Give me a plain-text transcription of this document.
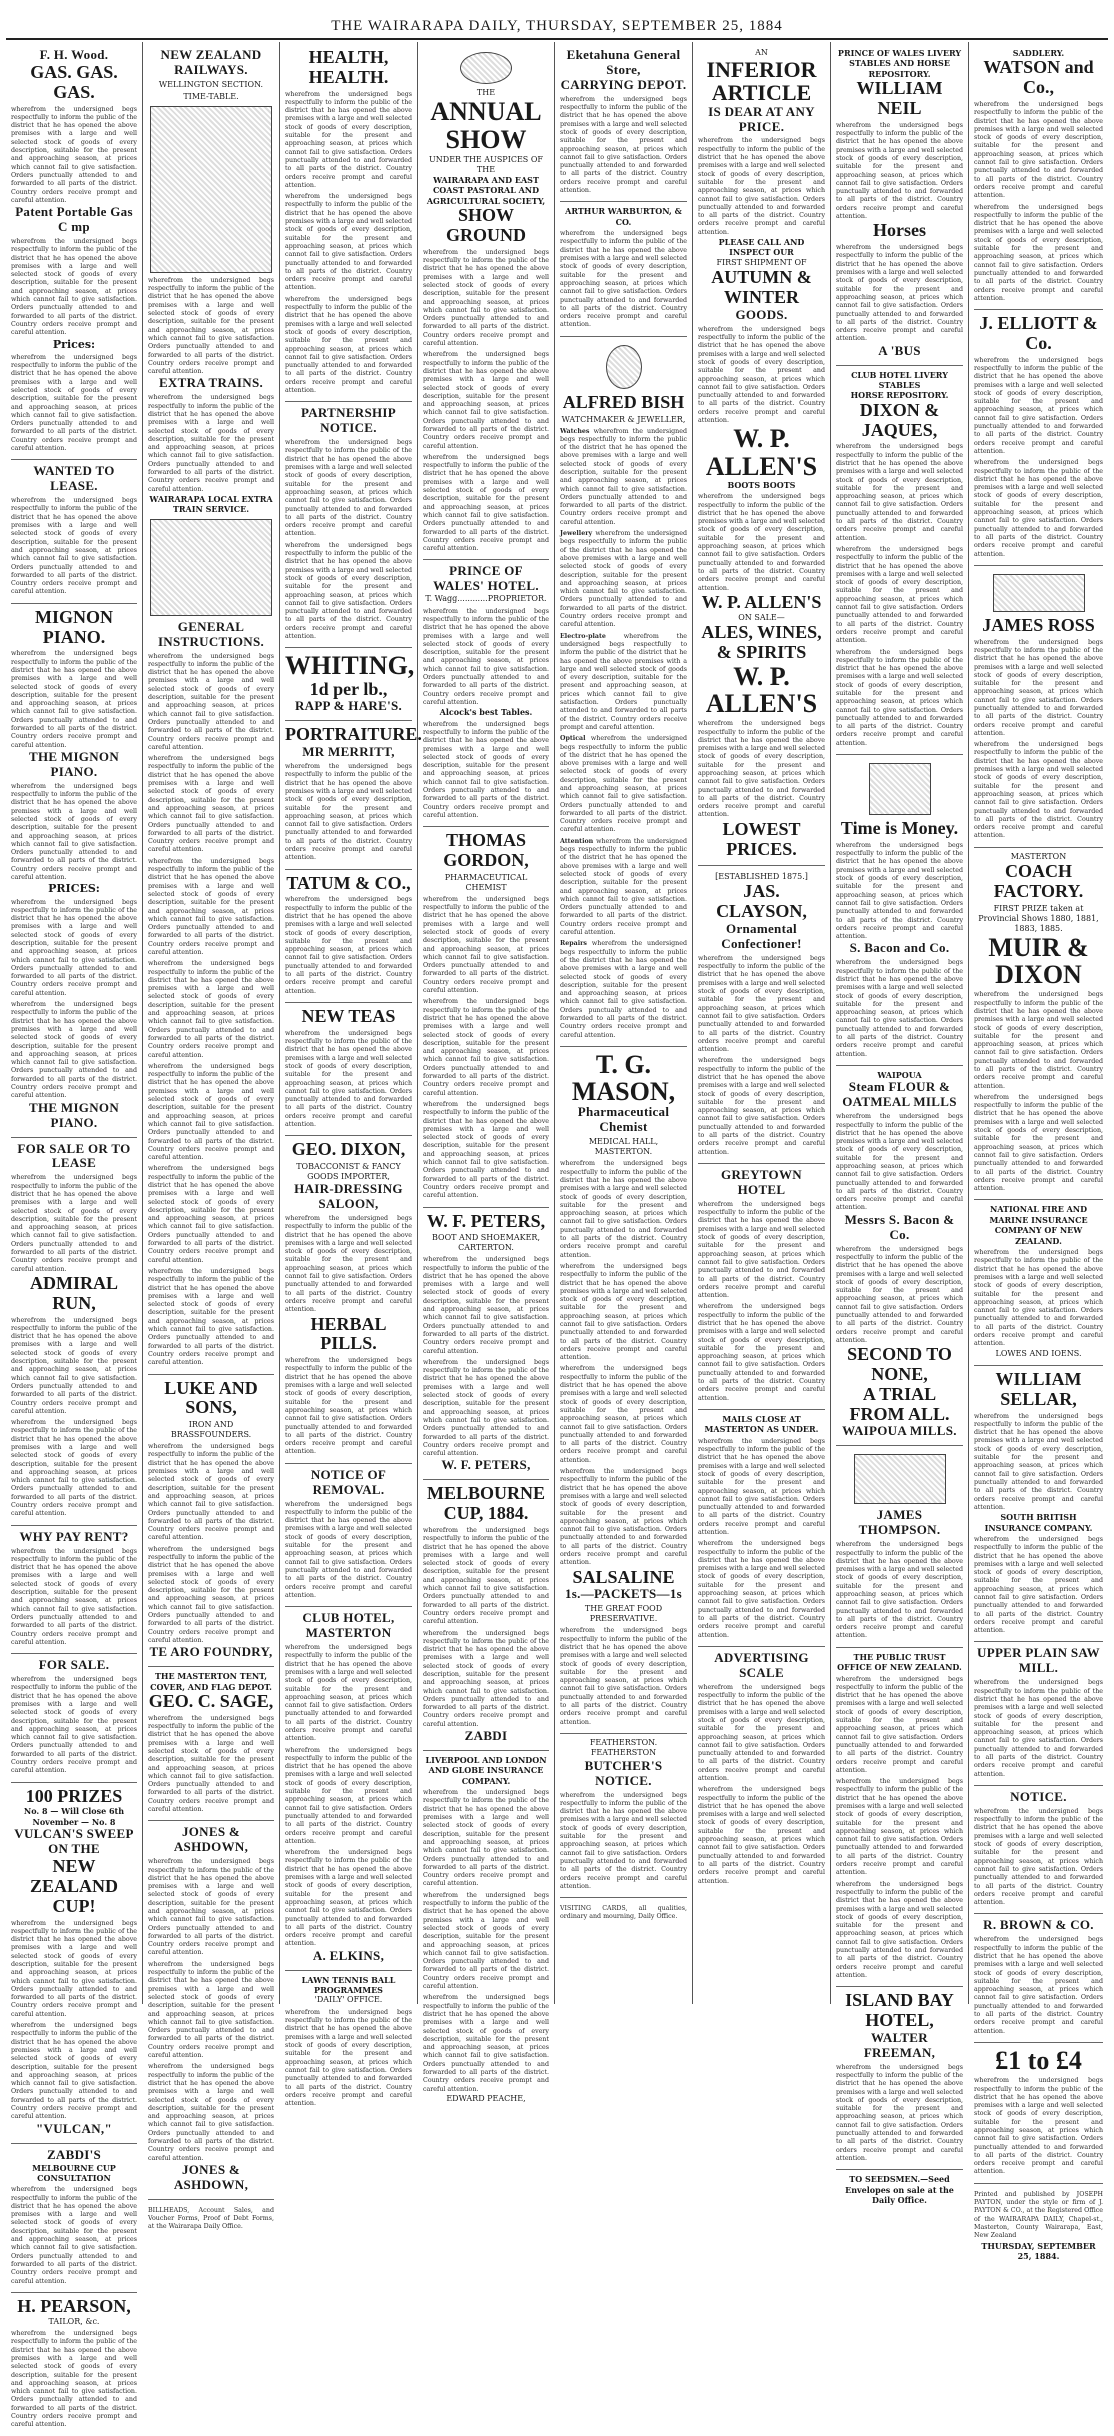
THE WAIRARAPA DAILY, THURSDAY, SEPTEMBER 25, 1884
F. H. Wood.
GAS. GAS. GAS.
wherefrom the undersigned begs respectfully to inform the public of the district that he has opened the above premises with a large and well selected stock of goods of every description, suitable for the present and approaching season, at prices which cannot fail to give satisfaction. Orders punctually attended to and forwarded to all parts of the district. Country orders receive prompt and careful attention.
Patent Portable Gas C mp
wherefrom the undersigned begs respectfully to inform the public of the district that he has opened the above premises with a large and well selected stock of goods of every description, suitable for the present and approaching season, at prices which cannot fail to give satisfaction. Orders punctually attended to and forwarded to all parts of the district. Country orders receive prompt and careful attention.
Prices:
wherefrom the undersigned begs respectfully to inform the public of the district that he has opened the above premises with a large and well selected stock of goods of every description, suitable for the present and approaching season, at prices which cannot fail to give satisfaction. Orders punctually attended to and forwarded to all parts of the district. Country orders receive prompt and careful attention.
WANTED TO LEASE.
wherefrom the undersigned begs respectfully to inform the public of the district that he has opened the above premises with a large and well selected stock of goods of every description, suitable for the present and approaching season, at prices which cannot fail to give satisfaction. Orders punctually attended to and forwarded to all parts of the district. Country orders receive prompt and careful attention.
MIGNON PIANO.
wherefrom the undersigned begs respectfully to inform the public of the district that he has opened the above premises with a large and well selected stock of goods of every description, suitable for the present and approaching season, at prices which cannot fail to give satisfaction. Orders punctually attended to and forwarded to all parts of the district. Country orders receive prompt and careful attention.
THE MIGNON PIANO.
wherefrom the undersigned begs respectfully to inform the public of the district that he has opened the above premises with a large and well selected stock of goods of every description, suitable for the present and approaching season, at prices which cannot fail to give satisfaction. Orders punctually attended to and forwarded to all parts of the district. Country orders receive prompt and careful attention.
PRICES:
wherefrom the undersigned begs respectfully to inform the public of the district that he has opened the above premises with a large and well selected stock of goods of every description, suitable for the present and approaching season, at prices which cannot fail to give satisfaction. Orders punctually attended to and forwarded to all parts of the district. Country orders receive prompt and careful attention.
wherefrom the undersigned begs respectfully to inform the public of the district that he has opened the above premises with a large and well selected stock of goods of every description, suitable for the present and approaching season, at prices which cannot fail to give satisfaction. Orders punctually attended to and forwarded to all parts of the district. Country orders receive prompt and careful attention.
THE MIGNON PIANO.
FOR SALE OR TO LEASE
wherefrom the undersigned begs respectfully to inform the public of the district that he has opened the above premises with a large and well selected stock of goods of every description, suitable for the present and approaching season, at prices which cannot fail to give satisfaction. Orders punctually attended to and forwarded to all parts of the district. Country orders receive prompt and careful attention.
ADMIRAL RUN,
wherefrom the undersigned begs respectfully to inform the public of the district that he has opened the above premises with a large and well selected stock of goods of every description, suitable for the present and approaching season, at prices which cannot fail to give satisfaction. Orders punctually attended to and forwarded to all parts of the district. Country orders receive prompt and careful attention.
wherefrom the undersigned begs respectfully to inform the public of the district that he has opened the above premises with a large and well selected stock of goods of every description, suitable for the present and approaching season, at prices which cannot fail to give satisfaction. Orders punctually attended to and forwarded to all parts of the district. Country orders receive prompt and careful attention.
WHY PAY RENT?
wherefrom the undersigned begs respectfully to inform the public of the district that he has opened the above premises with a large and well selected stock of goods of every description, suitable for the present and approaching season, at prices which cannot fail to give satisfaction. Orders punctually attended to and forwarded to all parts of the district. Country orders receive prompt and careful attention.
FOR SALE.
wherefrom the undersigned begs respectfully to inform the public of the district that he has opened the above premises with a large and well selected stock of goods of every description, suitable for the present and approaching season, at prices which cannot fail to give satisfaction. Orders punctually attended to and forwarded to all parts of the district. Country orders receive prompt and careful attention.
100 PRIZES
No. 8 — Will Close 6th November — No. 8
VULCAN'S SWEEP ON THE
NEW ZEALAND CUP!
wherefrom the undersigned begs respectfully to inform the public of the district that he has opened the above premises with a large and well selected stock of goods of every description, suitable for the present and approaching season, at prices which cannot fail to give satisfaction. Orders punctually attended to and forwarded to all parts of the district. Country orders receive prompt and careful attention.
wherefrom the undersigned begs respectfully to inform the public of the district that he has opened the above premises with a large and well selected stock of goods of every description, suitable for the present and approaching season, at prices which cannot fail to give satisfaction. Orders punctually attended to and forwarded to all parts of the district. Country orders receive prompt and careful attention.
"VULCAN,"
ZABDI'S
MELBOURNE CUP CONSULTATION
wherefrom the undersigned begs respectfully to inform the public of the district that he has opened the above premises with a large and well selected stock of goods of every description, suitable for the present and approaching season, at prices which cannot fail to give satisfaction. Orders punctually attended to and forwarded to all parts of the district. Country orders receive prompt and careful attention.
H. PEARSON,
TAILOR, &c.
wherefrom the undersigned begs respectfully to inform the public of the district that he has opened the above premises with a large and well selected stock of goods of every description, suitable for the present and approaching season, at prices which cannot fail to give satisfaction. Orders punctually attended to and forwarded to all parts of the district. Country orders receive prompt and careful attention.
NEW ZEALAND RAILWAYS.
WELLINGTON SECTION.
TIME-TABLE.
wherefrom the undersigned begs respectfully to inform the public of the district that he has opened the above premises with a large and well selected stock of goods of every description, suitable for the present and approaching season, at prices which cannot fail to give satisfaction. Orders punctually attended to and forwarded to all parts of the district. Country orders receive prompt and careful attention.
EXTRA TRAINS.
wherefrom the undersigned begs respectfully to inform the public of the district that he has opened the above premises with a large and well selected stock of goods of every description, suitable for the present and approaching season, at prices which cannot fail to give satisfaction. Orders punctually attended to and forwarded to all parts of the district. Country orders receive prompt and careful attention.
WAIRARAPA LOCAL EXTRA TRAIN SERVICE.
GENERAL INSTRUCTIONS.
wherefrom the undersigned begs respectfully to inform the public of the district that he has opened the above premises with a large and well selected stock of goods of every description, suitable for the present and approaching season, at prices which cannot fail to give satisfaction. Orders punctually attended to and forwarded to all parts of the district. Country orders receive prompt and careful attention.
wherefrom the undersigned begs respectfully to inform the public of the district that he has opened the above premises with a large and well selected stock of goods of every description, suitable for the present and approaching season, at prices which cannot fail to give satisfaction. Orders punctually attended to and forwarded to all parts of the district. Country orders receive prompt and careful attention.
wherefrom the undersigned begs respectfully to inform the public of the district that he has opened the above premises with a large and well selected stock of goods of every description, suitable for the present and approaching season, at prices which cannot fail to give satisfaction. Orders punctually attended to and forwarded to all parts of the district. Country orders receive prompt and careful attention.
wherefrom the undersigned begs respectfully to inform the public of the district that he has opened the above premises with a large and well selected stock of goods of every description, suitable for the present and approaching season, at prices which cannot fail to give satisfaction. Orders punctually attended to and forwarded to all parts of the district. Country orders receive prompt and careful attention.
wherefrom the undersigned begs respectfully to inform the public of the district that he has opened the above premises with a large and well selected stock of goods of every description, suitable for the present and approaching season, at prices which cannot fail to give satisfaction. Orders punctually attended to and forwarded to all parts of the district. Country orders receive prompt and careful attention.
wherefrom the undersigned begs respectfully to inform the public of the district that he has opened the above premises with a large and well selected stock of goods of every description, suitable for the present and approaching season, at prices which cannot fail to give satisfaction. Orders punctually attended to and forwarded to all parts of the district. Country orders receive prompt and careful attention.
wherefrom the undersigned begs respectfully to inform the public of the district that he has opened the above premises with a large and well selected stock of goods of every description, suitable for the present and approaching season, at prices which cannot fail to give satisfaction. Orders punctually attended to and forwarded to all parts of the district. Country orders receive prompt and careful attention.
LUKE AND SONS,
IRON AND BRASSFOUNDERS.
wherefrom the undersigned begs respectfully to inform the public of the district that he has opened the above premises with a large and well selected stock of goods of every description, suitable for the present and approaching season, at prices which cannot fail to give satisfaction. Orders punctually attended to and forwarded to all parts of the district. Country orders receive prompt and careful attention.
wherefrom the undersigned begs respectfully to inform the public of the district that he has opened the above premises with a large and well selected stock of goods of every description, suitable for the present and approaching season, at prices which cannot fail to give satisfaction. Orders punctually attended to and forwarded to all parts of the district. Country orders receive prompt and careful attention.
TE ARO FOUNDRY,
THE MASTERTON TENT, COVER, AND FLAG DEPOT.
GEO. C. SAGE,
wherefrom the undersigned begs respectfully to inform the public of the district that he has opened the above premises with a large and well selected stock of goods of every description, suitable for the present and approaching season, at prices which cannot fail to give satisfaction. Orders punctually attended to and forwarded to all parts of the district. Country orders receive prompt and careful attention.
JONES & ASHDOWN,
wherefrom the undersigned begs respectfully to inform the public of the district that he has opened the above premises with a large and well selected stock of goods of every description, suitable for the present and approaching season, at prices which cannot fail to give satisfaction. Orders punctually attended to and forwarded to all parts of the district. Country orders receive prompt and careful attention.
wherefrom the undersigned begs respectfully to inform the public of the district that he has opened the above premises with a large and well selected stock of goods of every description, suitable for the present and approaching season, at prices which cannot fail to give satisfaction. Orders punctually attended to and forwarded to all parts of the district. Country orders receive prompt and careful attention.
wherefrom the undersigned begs respectfully to inform the public of the district that he has opened the above premises with a large and well selected stock of goods of every description, suitable for the present and approaching season, at prices which cannot fail to give satisfaction. Orders punctually attended to and forwarded to all parts of the district. Country orders receive prompt and careful attention.
JONES & ASHDOWN,
BILLHEADS, Account Sales, and Voucher Forms, Proof of Debt Forms, at the Wairarapa Daily Office.
HEALTH, HEALTH.
wherefrom the undersigned begs respectfully to inform the public of the district that he has opened the above premises with a large and well selected stock of goods of every description, suitable for the present and approaching season, at prices which cannot fail to give satisfaction. Orders punctually attended to and forwarded to all parts of the district. Country orders receive prompt and careful attention.
wherefrom the undersigned begs respectfully to inform the public of the district that he has opened the above premises with a large and well selected stock of goods of every description, suitable for the present and approaching season, at prices which cannot fail to give satisfaction. Orders punctually attended to and forwarded to all parts of the district. Country orders receive prompt and careful attention.
wherefrom the undersigned begs respectfully to inform the public of the district that he has opened the above premises with a large and well selected stock of goods of every description, suitable for the present and approaching season, at prices which cannot fail to give satisfaction. Orders punctually attended to and forwarded to all parts of the district. Country orders receive prompt and careful attention.
PARTNERSHIP NOTICE.
wherefrom the undersigned begs respectfully to inform the public of the district that he has opened the above premises with a large and well selected stock of goods of every description, suitable for the present and approaching season, at prices which cannot fail to give satisfaction. Orders punctually attended to and forwarded to all parts of the district. Country orders receive prompt and careful attention.
wherefrom the undersigned begs respectfully to inform the public of the district that he has opened the above premises with a large and well selected stock of goods of every description, suitable for the present and approaching season, at prices which cannot fail to give satisfaction. Orders punctually attended to and forwarded to all parts of the district. Country orders receive prompt and careful attention.
WHITING,
1d per lb.,
RAPP & HARE'S.
PORTRAITURE.
MR MERRITT,
wherefrom the undersigned begs respectfully to inform the public of the district that he has opened the above premises with a large and well selected stock of goods of every description, suitable for the present and approaching season, at prices which cannot fail to give satisfaction. Orders punctually attended to and forwarded to all parts of the district. Country orders receive prompt and careful attention.
TATUM & CO.,
wherefrom the undersigned begs respectfully to inform the public of the district that he has opened the above premises with a large and well selected stock of goods of every description, suitable for the present and approaching season, at prices which cannot fail to give satisfaction. Orders punctually attended to and forwarded to all parts of the district. Country orders receive prompt and careful attention.
NEW TEAS
wherefrom the undersigned begs respectfully to inform the public of the district that he has opened the above premises with a large and well selected stock of goods of every description, suitable for the present and approaching season, at prices which cannot fail to give satisfaction. Orders punctually attended to and forwarded to all parts of the district. Country orders receive prompt and careful attention.
GEO. DIXON,
TOBACCONIST & FANCY GOODS IMPORTER,
HAIR-DRESSING SALOON,
wherefrom the undersigned begs respectfully to inform the public of the district that he has opened the above premises with a large and well selected stock of goods of every description, suitable for the present and approaching season, at prices which cannot fail to give satisfaction. Orders punctually attended to and forwarded to all parts of the district. Country orders receive prompt and careful attention.
HERBAL PILLS.
wherefrom the undersigned begs respectfully to inform the public of the district that he has opened the above premises with a large and well selected stock of goods of every description, suitable for the present and approaching season, at prices which cannot fail to give satisfaction. Orders punctually attended to and forwarded to all parts of the district. Country orders receive prompt and careful attention.
NOTICE OF REMOVAL.
wherefrom the undersigned begs respectfully to inform the public of the district that he has opened the above premises with a large and well selected stock of goods of every description, suitable for the present and approaching season, at prices which cannot fail to give satisfaction. Orders punctually attended to and forwarded to all parts of the district. Country orders receive prompt and careful attention.
CLUB HOTEL, MASTERTON
wherefrom the undersigned begs respectfully to inform the public of the district that he has opened the above premises with a large and well selected stock of goods of every description, suitable for the present and approaching season, at prices which cannot fail to give satisfaction. Orders punctually attended to and forwarded to all parts of the district. Country orders receive prompt and careful attention.
wherefrom the undersigned begs respectfully to inform the public of the district that he has opened the above premises with a large and well selected stock of goods of every description, suitable for the present and approaching season, at prices which cannot fail to give satisfaction. Orders punctually attended to and forwarded to all parts of the district. Country orders receive prompt and careful attention.
wherefrom the undersigned begs respectfully to inform the public of the district that he has opened the above premises with a large and well selected stock of goods of every description, suitable for the present and approaching season, at prices which cannot fail to give satisfaction. Orders punctually attended to and forwarded to all parts of the district. Country orders receive prompt and careful attention.
A. ELKINS,
LAWN TENNIS BALL PROGRAMMES
'DAILY' OFFICE.
wherefrom the undersigned begs respectfully to inform the public of the district that he has opened the above premises with a large and well selected stock of goods of every description, suitable for the present and approaching season, at prices which cannot fail to give satisfaction. Orders punctually attended to and forwarded to all parts of the district. Country orders receive prompt and careful attention.
THE
ANNUAL SHOW
UNDER THE AUSPICES OF THE
WAIRARAPA AND EAST COAST PASTORAL AND AGRICULTURAL SOCIETY,
SHOW GROUND
wherefrom the undersigned begs respectfully to inform the public of the district that he has opened the above premises with a large and well selected stock of goods of every description, suitable for the present and approaching season, at prices which cannot fail to give satisfaction. Orders punctually attended to and forwarded to all parts of the district. Country orders receive prompt and careful attention.
wherefrom the undersigned begs respectfully to inform the public of the district that he has opened the above premises with a large and well selected stock of goods of every description, suitable for the present and approaching season, at prices which cannot fail to give satisfaction. Orders punctually attended to and forwarded to all parts of the district. Country orders receive prompt and careful attention.
wherefrom the undersigned begs respectfully to inform the public of the district that he has opened the above premises with a large and well selected stock of goods of every description, suitable for the present and approaching season, at prices which cannot fail to give satisfaction. Orders punctually attended to and forwarded to all parts of the district. Country orders receive prompt and careful attention.
PRINCE OF WALES' HOTEL.
T. Wagg............PROPRIETOR.
wherefrom the undersigned begs respectfully to inform the public of the district that he has opened the above premises with a large and well selected stock of goods of every description, suitable for the present and approaching season, at prices which cannot fail to give satisfaction. Orders punctually attended to and forwarded to all parts of the district. Country orders receive prompt and careful attention.
Alcock's best Tables.
wherefrom the undersigned begs respectfully to inform the public of the district that he has opened the above premises with a large and well selected stock of goods of every description, suitable for the present and approaching season, at prices which cannot fail to give satisfaction. Orders punctually attended to and forwarded to all parts of the district. Country orders receive prompt and careful attention.
THOMAS GORDON,
PHARMACEUTICAL CHEMIST
wherefrom the undersigned begs respectfully to inform the public of the district that he has opened the above premises with a large and well selected stock of goods of every description, suitable for the present and approaching season, at prices which cannot fail to give satisfaction. Orders punctually attended to and forwarded to all parts of the district. Country orders receive prompt and careful attention.
wherefrom the undersigned begs respectfully to inform the public of the district that he has opened the above premises with a large and well selected stock of goods of every description, suitable for the present and approaching season, at prices which cannot fail to give satisfaction. Orders punctually attended to and forwarded to all parts of the district. Country orders receive prompt and careful attention.
wherefrom the undersigned begs respectfully to inform the public of the district that he has opened the above premises with a large and well selected stock of goods of every description, suitable for the present and approaching season, at prices which cannot fail to give satisfaction. Orders punctually attended to and forwarded to all parts of the district. Country orders receive prompt and careful attention.
W. F. PETERS,
BOOT AND SHOEMAKER, CARTERTON.
wherefrom the undersigned begs respectfully to inform the public of the district that he has opened the above premises with a large and well selected stock of goods of every description, suitable for the present and approaching season, at prices which cannot fail to give satisfaction. Orders punctually attended to and forwarded to all parts of the district. Country orders receive prompt and careful attention.
wherefrom the undersigned begs respectfully to inform the public of the district that he has opened the above premises with a large and well selected stock of goods of every description, suitable for the present and approaching season, at prices which cannot fail to give satisfaction. Orders punctually attended to and forwarded to all parts of the district. Country orders receive prompt and careful attention.
W. F. PETERS,
MELBOURNE CUP, 1884.
wherefrom the undersigned begs respectfully to inform the public of the district that he has opened the above premises with a large and well selected stock of goods of every description, suitable for the present and approaching season, at prices which cannot fail to give satisfaction. Orders punctually attended to and forwarded to all parts of the district. Country orders receive prompt and careful attention.
wherefrom the undersigned begs respectfully to inform the public of the district that he has opened the above premises with a large and well selected stock of goods of every description, suitable for the present and approaching season, at prices which cannot fail to give satisfaction. Orders punctually attended to and forwarded to all parts of the district. Country orders receive prompt and careful attention.
ZABDI
LIVERPOOL AND LONDON AND GLOBE INSURANCE COMPANY.
wherefrom the undersigned begs respectfully to inform the public of the district that he has opened the above premises with a large and well selected stock of goods of every description, suitable for the present and approaching season, at prices which cannot fail to give satisfaction. Orders punctually attended to and forwarded to all parts of the district. Country orders receive prompt and careful attention.
wherefrom the undersigned begs respectfully to inform the public of the district that he has opened the above premises with a large and well selected stock of goods of every description, suitable for the present and approaching season, at prices which cannot fail to give satisfaction. Orders punctually attended to and forwarded to all parts of the district. Country orders receive prompt and careful attention.
wherefrom the undersigned begs respectfully to inform the public of the district that he has opened the above premises with a large and well selected stock of goods of every description, suitable for the present and approaching season, at prices which cannot fail to give satisfaction. Orders punctually attended to and forwarded to all parts of the district. Country orders receive prompt and careful attention.
EDWARD PEACHE,
Eketahuna General Store,
CARRYING DEPOT.
wherefrom the undersigned begs respectfully to inform the public of the district that he has opened the above premises with a large and well selected stock of goods of every description, suitable for the present and approaching season, at prices which cannot fail to give satisfaction. Orders punctually attended to and forwarded to all parts of the district. Country orders receive prompt and careful attention.
ARTHUR WARBURTON, & CO.
wherefrom the undersigned begs respectfully to inform the public of the district that he has opened the above premises with a large and well selected stock of goods of every description, suitable for the present and approaching season, at prices which cannot fail to give satisfaction. Orders punctually attended to and forwarded to all parts of the district. Country orders receive prompt and careful attention.
ALFRED BISH
WATCHMAKER & JEWELLER,
Watches wherefrom the undersigned begs respectfully to inform the public of the district that he has opened the above premises with a large and well selected stock of goods of every description, suitable for the present and approaching season, at prices which cannot fail to give satisfaction. Orders punctually attended to and forwarded to all parts of the district. Country orders receive prompt and careful attention.
Jewellery wherefrom the undersigned begs respectfully to inform the public of the district that he has opened the above premises with a large and well selected stock of goods of every description, suitable for the present and approaching season, at prices which cannot fail to give satisfaction. Orders punctually attended to and forwarded to all parts of the district. Country orders receive prompt and careful attention.
Electro-plate	wherefrom the undersigned begs respectfully to inform the public of the district that he has opened the above premises with a large and well selected stock of goods of every description, suitable for the present and approaching season, at prices which cannot fail to give satisfaction. Orders punctually attended to and forwarded to all parts of the district. Country orders receive prompt and careful attention.
Optical wherefrom the undersigned begs respectfully to inform the public of the district that he has opened the above premises with a large and well selected stock of goods of every description, suitable for the present and approaching season, at prices which cannot fail to give satisfaction. Orders punctually attended to and forwarded to all parts of the district. Country orders receive prompt and careful attention.
Attention wherefrom the undersigned begs respectfully to inform the public of the district that he has opened the above premises with a large and well selected stock of goods of every description, suitable for the present and approaching season, at prices which cannot fail to give satisfaction. Orders punctually attended to and forwarded to all parts of the district. Country orders receive prompt and careful attention.
Repairs wherefrom the undersigned begs respectfully to inform the public of the district that he has opened the above premises with a large and well selected stock of goods of every description, suitable for the present and approaching season, at prices which cannot fail to give satisfaction. Orders punctually attended to and forwarded to all parts of the district. Country orders receive prompt and careful attention.
T. G. MASON,
Pharmaceutical Chemist
MEDICAL HALL, MASTERTON.
wherefrom the undersigned begs respectfully to inform the public of the district that he has opened the above premises with a large and well selected stock of goods of every description, suitable for the present and approaching season, at prices which cannot fail to give satisfaction. Orders punctually attended to and forwarded to all parts of the district. Country orders receive prompt and careful attention.
wherefrom the undersigned begs respectfully to inform the public of the district that he has opened the above premises with a large and well selected stock of goods of every description, suitable for the present and approaching season, at prices which cannot fail to give satisfaction. Orders punctually attended to and forwarded to all parts of the district. Country orders receive prompt and careful attention.
wherefrom the undersigned begs respectfully to inform the public of the district that he has opened the above premises with a large and well selected stock of goods of every description, suitable for the present and approaching season, at prices which cannot fail to give satisfaction. Orders punctually attended to and forwarded to all parts of the district. Country orders receive prompt and careful attention.
wherefrom the undersigned begs respectfully to inform the public of the district that he has opened the above premises with a large and well selected stock of goods of every description, suitable for the present and approaching season, at prices which cannot fail to give satisfaction. Orders punctually attended to and forwarded to all parts of the district. Country orders receive prompt and careful attention.
SALSALINE
1s.—PACKETS—1s
THE GREAT FOOD PRESERVATIVE.
wherefrom the undersigned begs respectfully to inform the public of the district that he has opened the above premises with a large and well selected stock of goods of every description, suitable for the present and approaching season, at prices which cannot fail to give satisfaction. Orders punctually attended to and forwarded to all parts of the district. Country orders receive prompt and careful attention.
FEATHERSTON. FEATHERSTON
BUTCHER'S NOTICE.
wherefrom the undersigned begs respectfully to inform the public of the district that he has opened the above premises with a large and well selected stock of goods of every description, suitable for the present and approaching season, at prices which cannot fail to give satisfaction. Orders punctually attended to and forwarded to all parts of the district. Country orders receive prompt and careful attention.
VISITING CARDS, all qualities, ordinary and mourning, Daily Office.
AN
INFERIOR ARTICLE
IS DEAR AT ANY PRICE.
wherefrom the undersigned begs respectfully to inform the public of the district that he has opened the above premises with a large and well selected stock of goods of every description, suitable for the present and approaching season, at prices which cannot fail to give satisfaction. Orders punctually attended to and forwarded to all parts of the district. Country orders receive prompt and careful attention.
PLEASE CALL AND INSPECT OUR
FIRST SHIPMENT OF
AUTUMN & WINTER
GOODS.
wherefrom the undersigned begs respectfully to inform the public of the district that he has opened the above premises with a large and well selected stock of goods of every description, suitable for the present and approaching season, at prices which cannot fail to give satisfaction. Orders punctually attended to and forwarded to all parts of the district. Country orders receive prompt and careful attention.
W. P. ALLEN'S
BOOTS BOOTS
wherefrom the undersigned begs respectfully to inform the public of the district that he has opened the above premises with a large and well selected stock of goods of every description, suitable for the present and approaching season, at prices which cannot fail to give satisfaction. Orders punctually attended to and forwarded to all parts of the district. Country orders receive prompt and careful attention.
W. P. ALLEN'S
ON SALE—
ALES, WINES, & SPIRITS
W. P. ALLEN'S
wherefrom the undersigned begs respectfully to inform the public of the district that he has opened the above premises with a large and well selected stock of goods of every description, suitable for the present and approaching season, at prices which cannot fail to give satisfaction. Orders punctually attended to and forwarded to all parts of the district. Country orders receive prompt and careful attention.
LOWEST PRICES.
[ESTABLISHED 1875.]
JAS. CLAYSON,
Ornamental Confectioner!
wherefrom the undersigned begs respectfully to inform the public of the district that he has opened the above premises with a large and well selected stock of goods of every description, suitable for the present and approaching season, at prices which cannot fail to give satisfaction. Orders punctually attended to and forwarded to all parts of the district. Country orders receive prompt and careful attention.
wherefrom the undersigned begs respectfully to inform the public of the district that he has opened the above premises with a large and well selected stock of goods of every description, suitable for the present and approaching season, at prices which cannot fail to give satisfaction. Orders punctually attended to and forwarded to all parts of the district. Country orders receive prompt and careful attention.
GREYTOWN HOTEL
wherefrom the undersigned begs respectfully to inform the public of the district that he has opened the above premises with a large and well selected stock of goods of every description, suitable for the present and approaching season, at prices which cannot fail to give satisfaction. Orders punctually attended to and forwarded to all parts of the district. Country orders receive prompt and careful attention.
wherefrom the undersigned begs respectfully to inform the public of the district that he has opened the above premises with a large and well selected stock of goods of every description, suitable for the present and approaching season, at prices which cannot fail to give satisfaction. Orders punctually attended to and forwarded to all parts of the district. Country orders receive prompt and careful attention.
MAILS CLOSE AT MASTERTON AS UNDER.
wherefrom the undersigned begs respectfully to inform the public of the district that he has opened the above premises with a large and well selected stock of goods of every description, suitable for the present and approaching season, at prices which cannot fail to give satisfaction. Orders punctually attended to and forwarded to all parts of the district. Country orders receive prompt and careful attention.
wherefrom the undersigned begs respectfully to inform the public of the district that he has opened the above premises with a large and well selected stock of goods of every description, suitable for the present and approaching season, at prices which cannot fail to give satisfaction. Orders punctually attended to and forwarded to all parts of the district. Country orders receive prompt and careful attention.
ADVERTISING SCALE
wherefrom the undersigned begs respectfully to inform the public of the district that he has opened the above premises with a large and well selected stock of goods of every description, suitable for the present and approaching season, at prices which cannot fail to give satisfaction. Orders punctually attended to and forwarded to all parts of the district. Country orders receive prompt and careful attention.
wherefrom the undersigned begs respectfully to inform the public of the district that he has opened the above premises with a large and well selected stock of goods of every description, suitable for the present and approaching season, at prices which cannot fail to give satisfaction. Orders punctually attended to and forwarded to all parts of the district. Country orders receive prompt and careful attention.
PRINCE OF WALES LIVERY STABLES AND HORSE REPOSITORY.
WILLIAM NEIL
wherefrom the undersigned begs respectfully to inform the public of the district that he has opened the above premises with a large and well selected stock of goods of every description, suitable for the present and approaching season, at prices which cannot fail to give satisfaction. Orders punctually attended to and forwarded to all parts of the district. Country orders receive prompt and careful attention.
Horses
wherefrom the undersigned begs respectfully to inform the public of the district that he has opened the above premises with a large and well selected stock of goods of every description, suitable for the present and approaching season, at prices which cannot fail to give satisfaction. Orders punctually attended to and forwarded to all parts of the district. Country orders receive prompt and careful attention.
A 'BUS
CLUB HOTEL LIVERY STABLES
HORSE REPOSITORY.
DIXON & JAQUES,
wherefrom the undersigned begs respectfully to inform the public of the district that he has opened the above premises with a large and well selected stock of goods of every description, suitable for the present and approaching season, at prices which cannot fail to give satisfaction. Orders punctually attended to and forwarded to all parts of the district. Country orders receive prompt and careful attention.
wherefrom the undersigned begs respectfully to inform the public of the district that he has opened the above premises with a large and well selected stock of goods of every description, suitable for the present and approaching season, at prices which cannot fail to give satisfaction. Orders punctually attended to and forwarded to all parts of the district. Country orders receive prompt and careful attention.
wherefrom the undersigned begs respectfully to inform the public of the district that he has opened the above premises with a large and well selected stock of goods of every description, suitable for the present and approaching season, at prices which cannot fail to give satisfaction. Orders punctually attended to and forwarded to all parts of the district. Country orders receive prompt and careful attention.
Time is Money.
wherefrom the undersigned begs respectfully to inform the public of the district that he has opened the above premises with a large and well selected stock of goods of every description, suitable for the present and approaching season, at prices which cannot fail to give satisfaction. Orders punctually attended to and forwarded to all parts of the district. Country orders receive prompt and careful attention.
S. Bacon and Co.
wherefrom the undersigned begs respectfully to inform the public of the district that he has opened the above premises with a large and well selected stock of goods of every description, suitable for the present and approaching season, at prices which cannot fail to give satisfaction. Orders punctually attended to and forwarded to all parts of the district. Country orders receive prompt and careful attention.
WAIPOUA
Steam FLOUR & OATMEAL MILLS
wherefrom the undersigned begs respectfully to inform the public of the district that he has opened the above premises with a large and well selected stock of goods of every description, suitable for the present and approaching season, at prices which cannot fail to give satisfaction. Orders punctually attended to and forwarded to all parts of the district. Country orders receive prompt and careful attention.
Messrs S. Bacon & Co.
wherefrom the undersigned begs respectfully to inform the public of the district that he has opened the above premises with a large and well selected stock of goods of every description, suitable for the present and approaching season, at prices which cannot fail to give satisfaction. Orders punctually attended to and forwarded to all parts of the district. Country orders receive prompt and careful attention.
SECOND TO NONE,
A TRIAL FROM ALL.
WAIPOUA MILLS.
JAMES THOMPSON.
wherefrom the undersigned begs respectfully to inform the public of the district that he has opened the above premises with a large and well selected stock of goods of every description, suitable for the present and approaching season, at prices which cannot fail to give satisfaction. Orders punctually attended to and forwarded to all parts of the district. Country orders receive prompt and careful attention.
THE PUBLIC TRUST OFFICE OF NEW ZEALAND.
wherefrom the undersigned begs respectfully to inform the public of the district that he has opened the above premises with a large and well selected stock of goods of every description, suitable for the present and approaching season, at prices which cannot fail to give satisfaction. Orders punctually attended to and forwarded to all parts of the district. Country orders receive prompt and careful attention.
wherefrom the undersigned begs respectfully to inform the public of the district that he has opened the above premises with a large and well selected stock of goods of every description, suitable for the present and approaching season, at prices which cannot fail to give satisfaction. Orders punctually attended to and forwarded to all parts of the district. Country orders receive prompt and careful attention.
wherefrom the undersigned begs respectfully to inform the public of the district that he has opened the above premises with a large and well selected stock of goods of every description, suitable for the present and approaching season, at prices which cannot fail to give satisfaction. Orders punctually attended to and forwarded to all parts of the district. Country orders receive prompt and careful attention.
ISLAND BAY HOTEL,
WALTER FREEMAN,
wherefrom the undersigned begs respectfully to inform the public of the district that he has opened the above premises with a large and well selected stock of goods of every description, suitable for the present and approaching season, at prices which cannot fail to give satisfaction. Orders punctually attended to and forwarded to all parts of the district. Country orders receive prompt and careful attention.
TO SEEDSMEN.—Seed Envelopes on sale at the Daily Office.
SADDLERY.
WATSON and Co.,
wherefrom the undersigned begs respectfully to inform the public of the district that he has opened the above premises with a large and well selected stock of goods of every description, suitable for the present and approaching season, at prices which cannot fail to give satisfaction. Orders punctually attended to and forwarded to all parts of the district. Country orders receive prompt and careful attention.
wherefrom the undersigned begs respectfully to inform the public of the district that he has opened the above premises with a large and well selected stock of goods of every description, suitable for the present and approaching season, at prices which cannot fail to give satisfaction. Orders punctually attended to and forwarded to all parts of the district. Country orders receive prompt and careful attention.
J. ELLIOTT & Co.
wherefrom the undersigned begs respectfully to inform the public of the district that he has opened the above premises with a large and well selected stock of goods of every description, suitable for the present and approaching season, at prices which cannot fail to give satisfaction. Orders punctually attended to and forwarded to all parts of the district. Country orders receive prompt and careful attention.
wherefrom the undersigned begs respectfully to inform the public of the district that he has opened the above premises with a large and well selected stock of goods of every description, suitable for the present and approaching season, at prices which cannot fail to give satisfaction. Orders punctually attended to and forwarded to all parts of the district. Country orders receive prompt and careful attention.
JAMES ROSS
wherefrom the undersigned begs respectfully to inform the public of the district that he has opened the above premises with a large and well selected stock of goods of every description, suitable for the present and approaching season, at prices which cannot fail to give satisfaction. Orders punctually attended to and forwarded to all parts of the district. Country orders receive prompt and careful attention.
wherefrom the undersigned begs respectfully to inform the public of the district that he has opened the above premises with a large and well selected stock of goods of every description, suitable for the present and approaching season, at prices which cannot fail to give satisfaction. Orders punctually attended to and forwarded to all parts of the district. Country orders receive prompt and careful attention.
MASTERTON
COACH FACTORY.
FIRST PRIZE taken at Provincial Shows 1880, 1881, 1883, 1885.
MUIR & DIXON
wherefrom the undersigned begs respectfully to inform the public of the district that he has opened the above premises with a large and well selected stock of goods of every description, suitable for the present and approaching season, at prices which cannot fail to give satisfaction. Orders punctually attended to and forwarded to all parts of the district. Country orders receive prompt and careful attention.
wherefrom the undersigned begs respectfully to inform the public of the district that he has opened the above premises with a large and well selected stock of goods of every description, suitable for the present and approaching season, at prices which cannot fail to give satisfaction. Orders punctually attended to and forwarded to all parts of the district. Country orders receive prompt and careful attention.
NATIONAL FIRE AND MARINE INSURANCE COMPANY OF NEW ZEALAND.
wherefrom the undersigned begs respectfully to inform the public of the district that he has opened the above premises with a large and well selected stock of goods of every description, suitable for the present and approaching season, at prices which cannot fail to give satisfaction. Orders punctually attended to and forwarded to all parts of the district. Country orders receive prompt and careful attention.
LOWES AND IOENS.
WILLIAM SELLAR,
wherefrom the undersigned begs respectfully to inform the public of the district that he has opened the above premises with a large and well selected stock of goods of every description, suitable for the present and approaching season, at prices which cannot fail to give satisfaction. Orders punctually attended to and forwarded to all parts of the district. Country orders receive prompt and careful attention.
SOUTH BRITISH INSURANCE COMPANY.
wherefrom the undersigned begs respectfully to inform the public of the district that he has opened the above premises with a large and well selected stock of goods of every description, suitable for the present and approaching season, at prices which cannot fail to give satisfaction. Orders punctually attended to and forwarded to all parts of the district. Country orders receive prompt and careful attention.
UPPER PLAIN SAW MILL.
wherefrom the undersigned begs respectfully to inform the public of the district that he has opened the above premises with a large and well selected stock of goods of every description, suitable for the present and approaching season, at prices which cannot fail to give satisfaction. Orders punctually attended to and forwarded to all parts of the district. Country orders receive prompt and careful attention.
NOTICE.
wherefrom the undersigned begs respectfully to inform the public of the district that he has opened the above premises with a large and well selected stock of goods of every description, suitable for the present and approaching season, at prices which cannot fail to give satisfaction. Orders punctually attended to and forwarded to all parts of the district. Country orders receive prompt and careful attention.
R. BROWN & CO.
wherefrom the undersigned begs respectfully to inform the public of the district that he has opened the above premises with a large and well selected stock of goods of every description, suitable for the present and approaching season, at prices which cannot fail to give satisfaction. Orders punctually attended to and forwarded to all parts of the district. Country orders receive prompt and careful attention.
£1 to £4
wherefrom the undersigned begs respectfully to inform the public of the district that he has opened the above premises with a large and well selected stock of goods of every description, suitable for the present and approaching season, at prices which cannot fail to give satisfaction. Orders punctually attended to and forwarded to all parts of the district. Country orders receive prompt and careful attention.
Printed and published by JOSEPH PAYTON, under the style or firm of J. PAYTON & CO., at the Registered Office of the WAIRARAPA DAILY, Chapel-st., Masterton, County Wairarapa, East, New Zealand
THURSDAY, SEPTEMBER 25, 1884.
